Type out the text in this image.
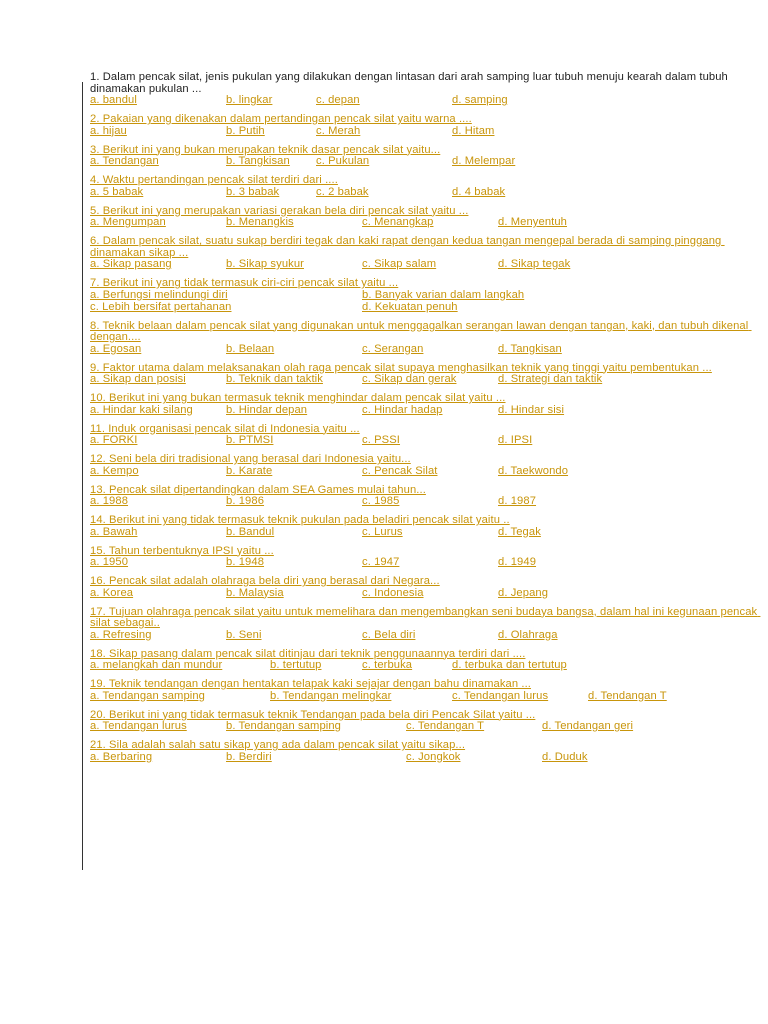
1. Dalam pencak silat, jenis pukulan yang dilakukan dengan lintasan dari arah samping luar tubuh menuju kearah dalam tubuh dinamakan pukulan ...
a. bandul	b. lingkar	c. depan	d. samping
2. Pakaian yang dikenakan dalam pertandingan pencak silat yaitu warna ....
a. hijau	b. Putih	c. Merah	d. Hitam
3. Berikut ini yang bukan merupakan teknik dasar pencak silat yaitu...
a. Tendangan	b. Tangkisan c. Pukulan	d. Melempar
4. Waktu pertandingan pencak silat terdiri dari ....
a. 5 babak	b. 3 babak	c. 2 babak	d. 4 babak
5. Berikut ini yang merupakan variasi gerakan bela diri pencak silat yaitu ...
a. Mengumpan	b. Menangkis	c. Menangkap	d. Menyentuh
6. Dalam pencak silat, suatu sukap berdiri tegak dan kaki rapat dengan kedua tangan mengepal berada di samping pinggang dinamakan sikap ...
a. Sikap pasang	b. Sikap syukur	c. Sikap salam	d. Sikap tegak
7. Berikut ini yang tidak termasuk ciri-ciri pencak silat yaitu ...
a. Berfungsi melindungi diri	b. Banyak varian dalam langkah
c. Lebih bersifat pertahanan	d. Kekuatan penuh
8. Teknik belaan dalam pencak silat yang digunakan untuk menggagalkan serangan lawan dengan tangan, kaki, dan tubuh dikenal dengan....
a. Egosan	b. Belaan	c. Serangan	d. Tangkisan
9. Faktor utama dalam melaksanakan olah raga pencak silat supaya menghasilkan teknik yang tinggi yaitu pembentukan ...
a. Sikap dan posisi	b. Teknik dan taktik	c. Sikap dan gerak	d. Strategi dan taktik
10. Berikut ini yang bukan termasuk teknik menghindar dalam pencak silat yaitu ...
a. Hindar kaki silang	b. Hindar depan	c. Hindar hadap	d. Hindar sisi
11. Induk organisasi pencak silat di Indonesia yaitu ...
a. FORKI	b. PTMSI	c. PSSI	d. IPSI
12. Seni bela diri tradisional yang berasal dari Indonesia yaitu...
a. Kempo	b. Karate	c. Pencak Silat	d. Taekwondo
13. Pencak silat dipertandingkan dalam SEA Games mulai tahun...
a. 1988	b. 1986	c. 1985	d. 1987
14. Berikut ini yang tidak termasuk teknik pukulan pada beladiri pencak silat yaitu ..
a. Bawah	b. Bandul	c. Lurus	d. Tegak
15. Tahun terbentuknya IPSI yaitu ...
a. 1950	b. 1948	c. 1947	d. 1949
16. Pencak silat adalah olahraga bela diri yang berasal dari Negara...
a. Korea	b. Malaysia	c. Indonesia	d. Jepang
17. Tujuan olahraga pencak silat yaitu untuk memelihara dan mengembangkan seni budaya bangsa, dalam hal ini kegunaan pencak silat sebagai..
a. Refresing	b. Seni	c. Bela diri	d. Olahraga
18. Sikap pasang dalam pencak silat ditinjau dari teknik penggunaannya terdiri dari ....
a. melangkah dan mundur	b. tertutup	c. terbuka	d. terbuka dan tertutup
19. Teknik tendangan dengan hentakan telapak kaki sejajar dengan bahu dinamakan ...
a. Tendangan samping	b. Tendangan melingkar	c. Tendangan lurus	d. Tendangan T
20. Berikut ini yang tidak termasuk teknik Tendangan pada bela diri Pencak Silat yaitu ...
a. Tendangan lurus	b. Tendangan samping	c. Tendangan T	d. Tendangan geri
21. Sila adalah salah satu sikap yang ada dalam pencak silat yaitu sikap...
a. Berbaring	b. Berdiri	c. Jongkok	d. Duduk
